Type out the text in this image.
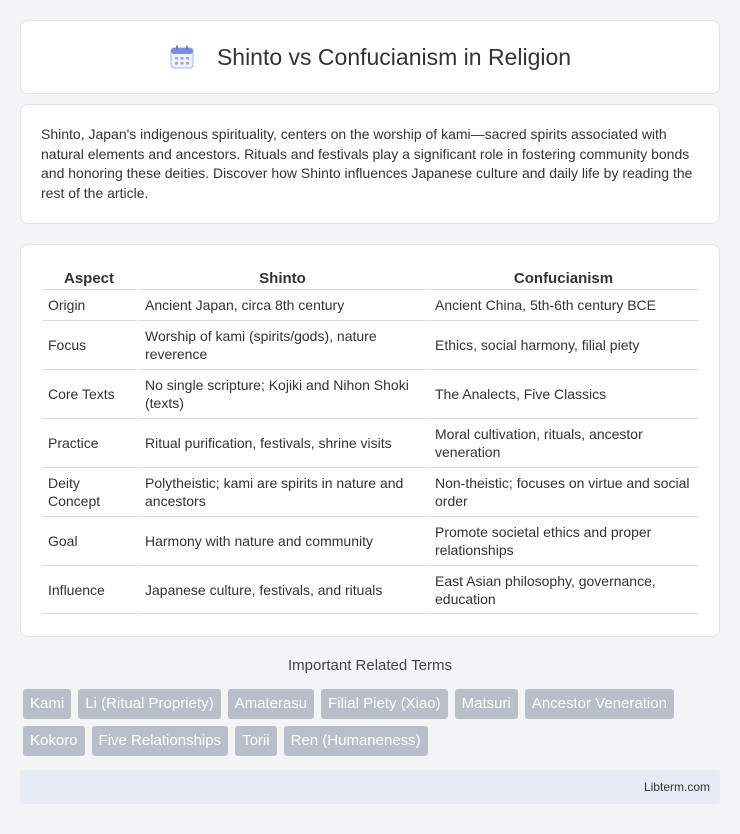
Shinto vs Confucianism in Religion

Shinto, Japan's indigenous spirituality, centers on the worship of kami—sacred spirits associated with natural elements and ancestors. Rituals and festivals play a significant role in fostering community bonds and honoring these deities. Discover how Shinto influences Japanese culture and daily life by reading the rest of the article.

Aspect	Shinto	Confucianism
Origin	Ancient Japan, circa 8th century	Ancient China, 5th-6th century BCE
Focus	Worship of kami (spirits/gods), nature reverence	Ethics, social harmony, filial piety
Core Texts	No single scripture; Kojiki and Nihon Shoki (texts)	The Analects, Five Classics
Practice	Ritual purification, festivals, shrine visits	Moral cultivation, rituals, ancestor veneration
Deity Concept	Polytheistic; kami are spirits in nature and ancestors	Non-theistic; focuses on virtue and social order
Goal	Harmony with nature and community	Promote societal ethics and proper relationships
Influence	Japanese culture, festivals, and rituals	East Asian philosophy, governance, education
Important Related Terms
Kami	Li (Ritual Propriety)	Amaterasu	Filial Piety (Xiao)	Matsuri	Ancestor Veneration
Kokoro	Five Relationships	Torii	Ren (Humaneness)
Libterm.com
